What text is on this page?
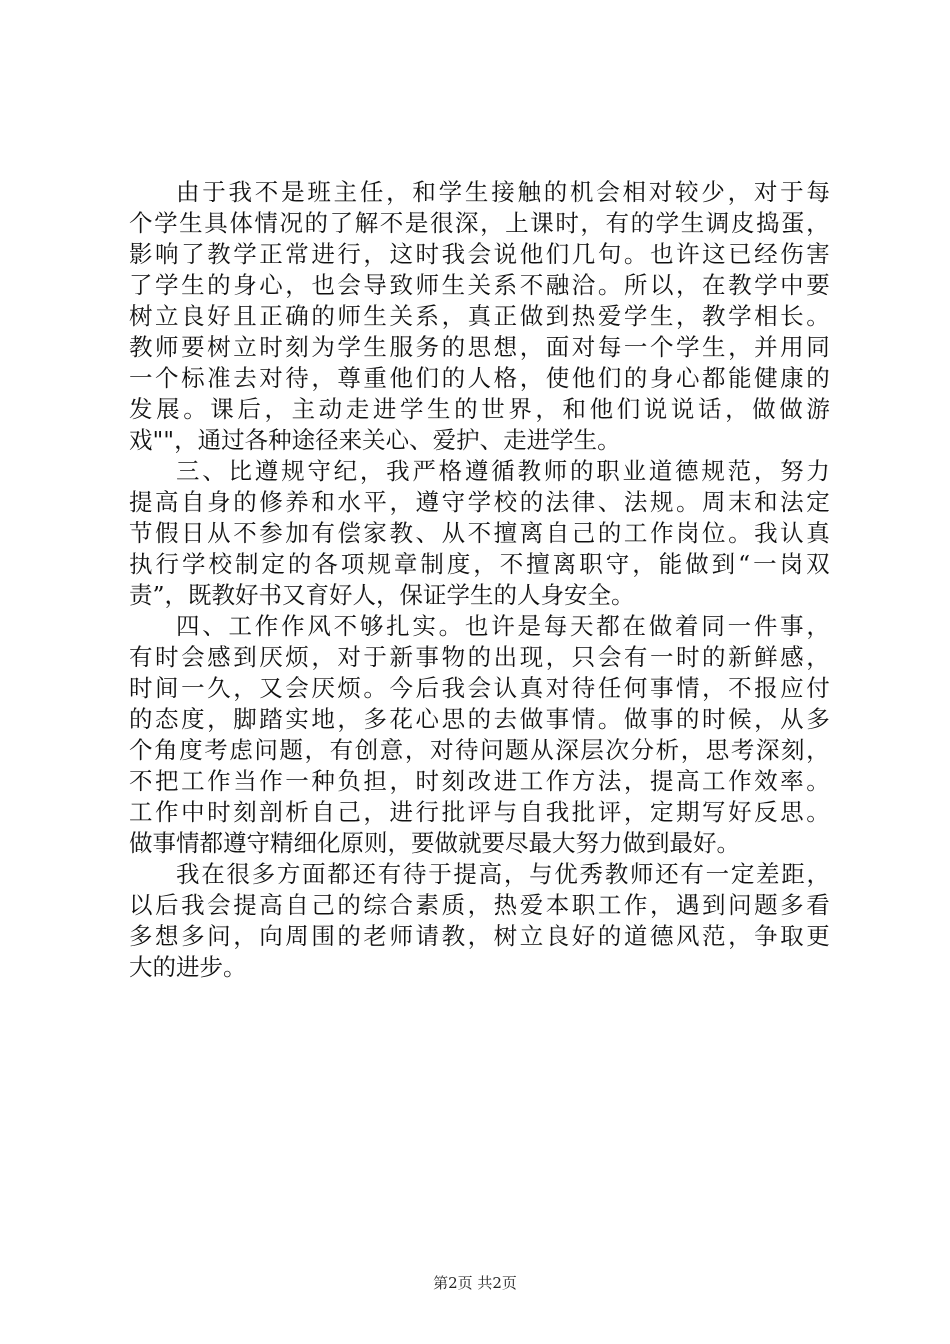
由 于 我 不 是 班 主 任 ， 和 学 生 接 触 的 机 会 相 对 较 少 ， 对 于 每
个 学 生 具 体 情 况 的 了 解 不 是 很 深 ， 上 课 时 ， 有 的 学 生 调 皮 捣 蛋 ，
影 响 了 教 学 正 常 进 行 ， 这 时 我 会 说 他 们 几 句 。 也 许 这 已 经 伤 害
了 学 生 的 身 心 ， 也 会 导 致 师 生 关 系 不 融 洽 。 所 以 ， 在 教 学 中 要
树 立 良 好 且 正 确 的 师 生 关 系 ， 真 正 做 到 热 爱 学 生 ， 教 学 相 长 。
教 师 要 树 立 时 刻 为 学 生 服 务 的 思 想 ， 面 对 每 一 个 学 生 ， 并 用 同
一 个 标 准 去 对 待 ， 尊 重 他 们 的 人 格 ， 使 他 们 的 身 心 都 能 健 康 的
发 展 。 课 后 ， 主 动 走 进 学 生 的 世 界 ， 和 他 们 说 说 话 ， 做 做 游
戏""，通过各种途径来关心、爱护、走进学生。
三 、 比 遵 规 守 纪 ， 我 严 格 遵 循 教 师 的 职 业 道 德 规 范 ， 努 力
提 高 自 身 的 修 养 和 水 平 ， 遵 守 学 校 的 法 律 、 法 规 。 周 末 和 法 定
节 假 日 从 不 参 加 有 偿 家 教 、 从 不 擅 离 自 己 的 工 作 岗 位 。 我 认 真
执 行 学 校 制 定 的 各 项 规 章 制 度 ， 不 擅 离 职 守 ， 能 做 到 “ 一 岗 双
责”，既教好书又育好人，保证学生的人身安全。
四 、 工 作 作 风 不 够 扎 实 。 也 许 是 每 天 都 在 做 着 同 一 件 事 ，
有 时 会 感 到 厌 烦 ， 对 于 新 事 物 的 出 现 ， 只 会 有 一 时 的 新 鲜 感 ，
时 间 一 久 ， 又 会 厌 烦 。 今 后 我 会 认 真 对 待 任 何 事 情 ， 不 报 应 付
的 态 度 ， 脚 踏 实 地 ， 多 花 心 思 的 去 做 事 情 。 做 事 的 时 候 ， 从 多
个 角 度 考 虑 问 题 ， 有 创 意 ， 对 待 问 题 从 深 层 次 分 析 ， 思 考 深 刻 ，
不 把 工 作 当 作 一 种 负 担 ， 时 刻 改 进 工 作 方 法 ， 提 高 工 作 效 率 。
工 作 中 时 刻 剖 析 自 己 ， 进 行 批 评 与 自 我 批 评 ， 定 期 写 好 反 思 。
做事情都遵守精细化原则，要做就要尽最大努力做到最好。
我 在 很 多 方 面 都 还 有 待 于 提 高 ， 与 优 秀 教 师 还 有 一 定 差 距 ，
以 后 我 会 提 高 自 己 的 综 合 素 质 ， 热 爱 本 职 工 作 ， 遇 到 问 题 多 看
多 想 多 问 ， 向 周 围 的 老 师 请 教 ， 树 立 良 好 的 道 德 风 范 ， 争 取 更
大的进步。
第2页 共2页
